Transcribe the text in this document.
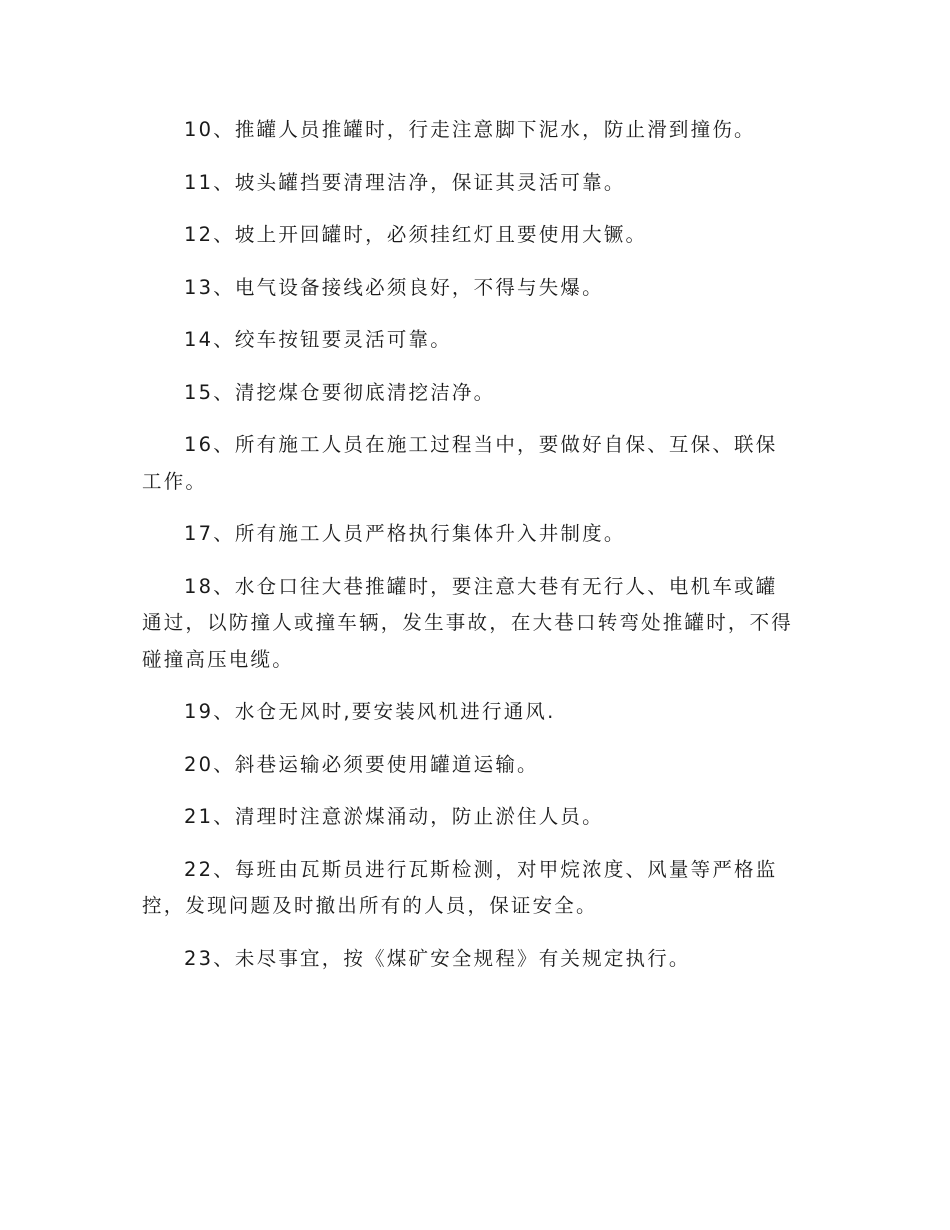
10、推罐人员推罐时，行走注意脚下泥水，防止滑到撞伤。

11、坡头罐挡要清理洁净，保证其灵活可靠。

12、坡上开回罐时，必须挂红灯且要使用大镢。

13、电气设备接线必须良好，不得与失爆。

14、绞车按钮要灵活可靠。

15、清挖煤仓要彻底清挖洁净。

16、所有施工人员在施工过程当中，要做好自保、互保、联保工作。

17、所有施工人员严格执行集体升入井制度。

18、水仓口往大巷推罐时，要注意大巷有无行人、电机车或罐通过，以防撞人或撞车辆，发生事故，在大巷口转弯处推罐时，不得碰撞高压电缆。

19、水仓无风时,要安装风机进行通风.

20、斜巷运输必须要使用罐道运输。

21、清理时注意淤煤涌动，防止淤住人员。

22、每班由瓦斯员进行瓦斯检测，对甲烷浓度、风量等严格监控，发现问题及时撤出所有的人员，保证安全。

23、未尽事宜，按《煤矿安全规程》有关规定执行。
